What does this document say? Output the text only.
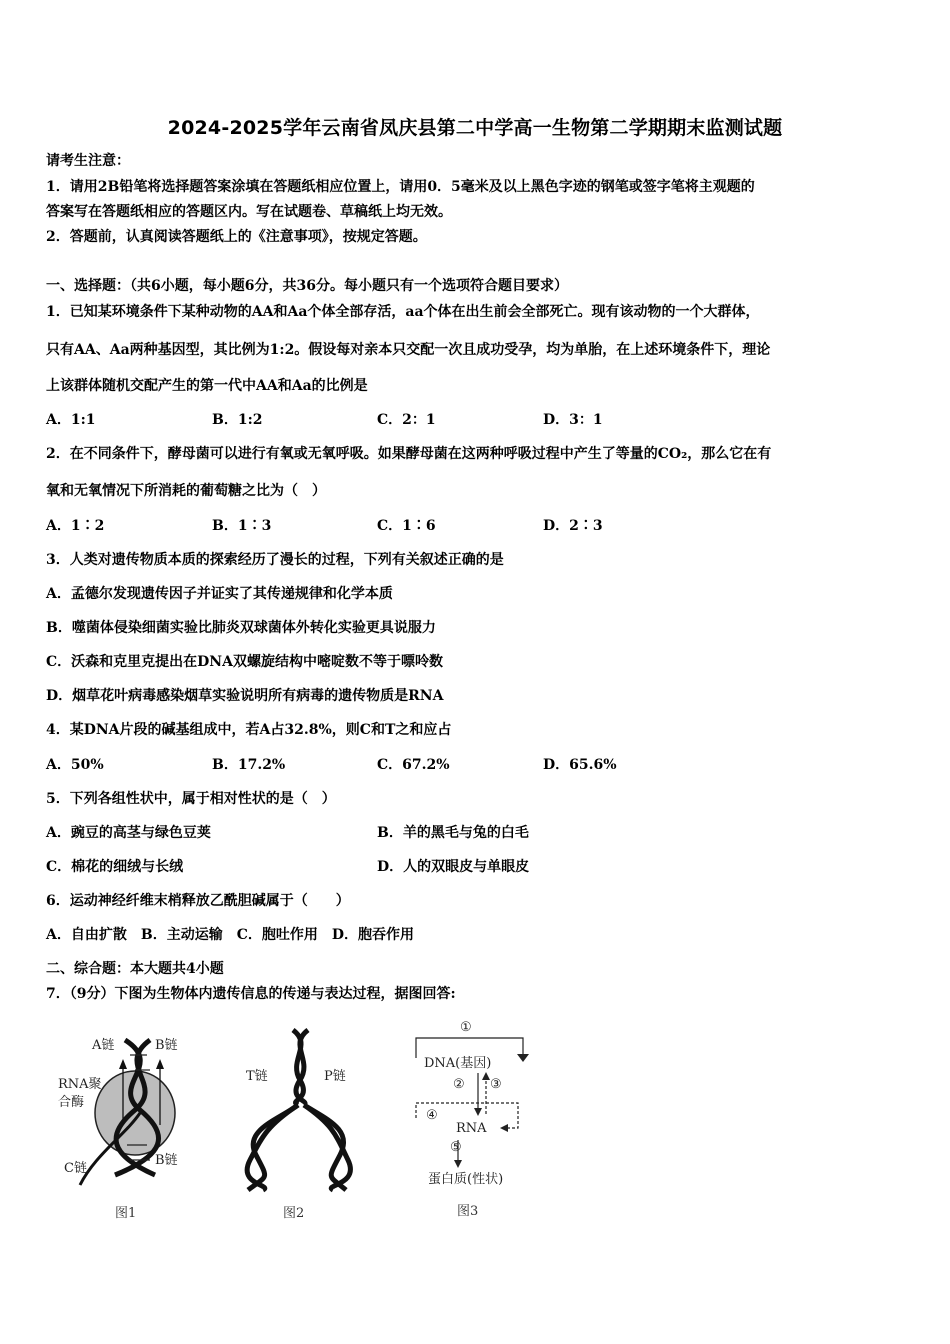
2024-2025学年云南省凤庆县第二中学高一生物第二学期期末监测试题
请考生注意：
1．请用2B铅笔将选择题答案涂填在答题纸相应位置上，请用0．5毫米及以上黑色字迹的钢笔或签字笔将主观题的
答案写在答题纸相应的答题区内。写在试题卷、草稿纸上均无效。
2．答题前，认真阅读答题纸上的《注意事项》，按规定答题。
一、选择题：（共6小题，每小题6分，共36分。每小题只有一个选项符合题目要求）
1．已知某环境条件下某种动物的AA和Aa个体全部存活，aa个体在出生前会全部死亡。现有该动物的一个大群体，
只有AA、Aa两种基因型，其比例为1:2。假设每对亲本只交配一次且成功受孕，均为单胎，在上述环境条件下，理论
上该群体随机交配产生的第一代中AA和Aa的比例是
A．1:1	B．1:2	C．2：1	D．3：1
2．在不同条件下，酵母菌可以进行有氧或无氧呼吸。如果酵母菌在这两种呼吸过程中产生了等量的CO₂，那么它在有
氧和无氧情况下所消耗的葡萄糖之比为（　）
A．1∶2	B．1∶3	C．1∶6	D．2∶3
3．人类对遗传物质本质的探索经历了漫长的过程，下列有关叙述正确的是
A．孟德尔发现遗传因子并证实了其传递规律和化学本质
B．噬菌体侵染细菌实验比肺炎双球菌体外转化实验更具说服力
C．沃森和克里克提出在DNA双螺旋结构中嘧啶数不等于嘌呤数
D．烟草花叶病毒感染烟草实验说明所有病毒的遗传物质是RNA
4．某DNA片段的碱基组成中，若A占32.8%，则C和T之和应占
A．50%	B．17.2%	C．67.2%	D．65.6%
5．下列各组性状中，属于相对性状的是（　）
A．豌豆的高茎与绿色豆荚	B．羊的黑毛与兔的白毛
C．棉花的细绒与长绒	D．人的双眼皮与单眼皮
6．运动神经纤维末梢释放乙酰胆碱属于（　　）
A．自由扩散　B．主动运输　C．胞吐作用　D．胞吞作用
二、综合题：本大题共4小题
7．（9分）下图为生物体内遗传信息的传递与表达过程，据图回答:
A链	B链
RNA聚
合酶
C链
B链
图1
T链	P链
图2
①
DNA(基因)
② ③
④
RNA
⑤
蛋白质(性状)
图3
